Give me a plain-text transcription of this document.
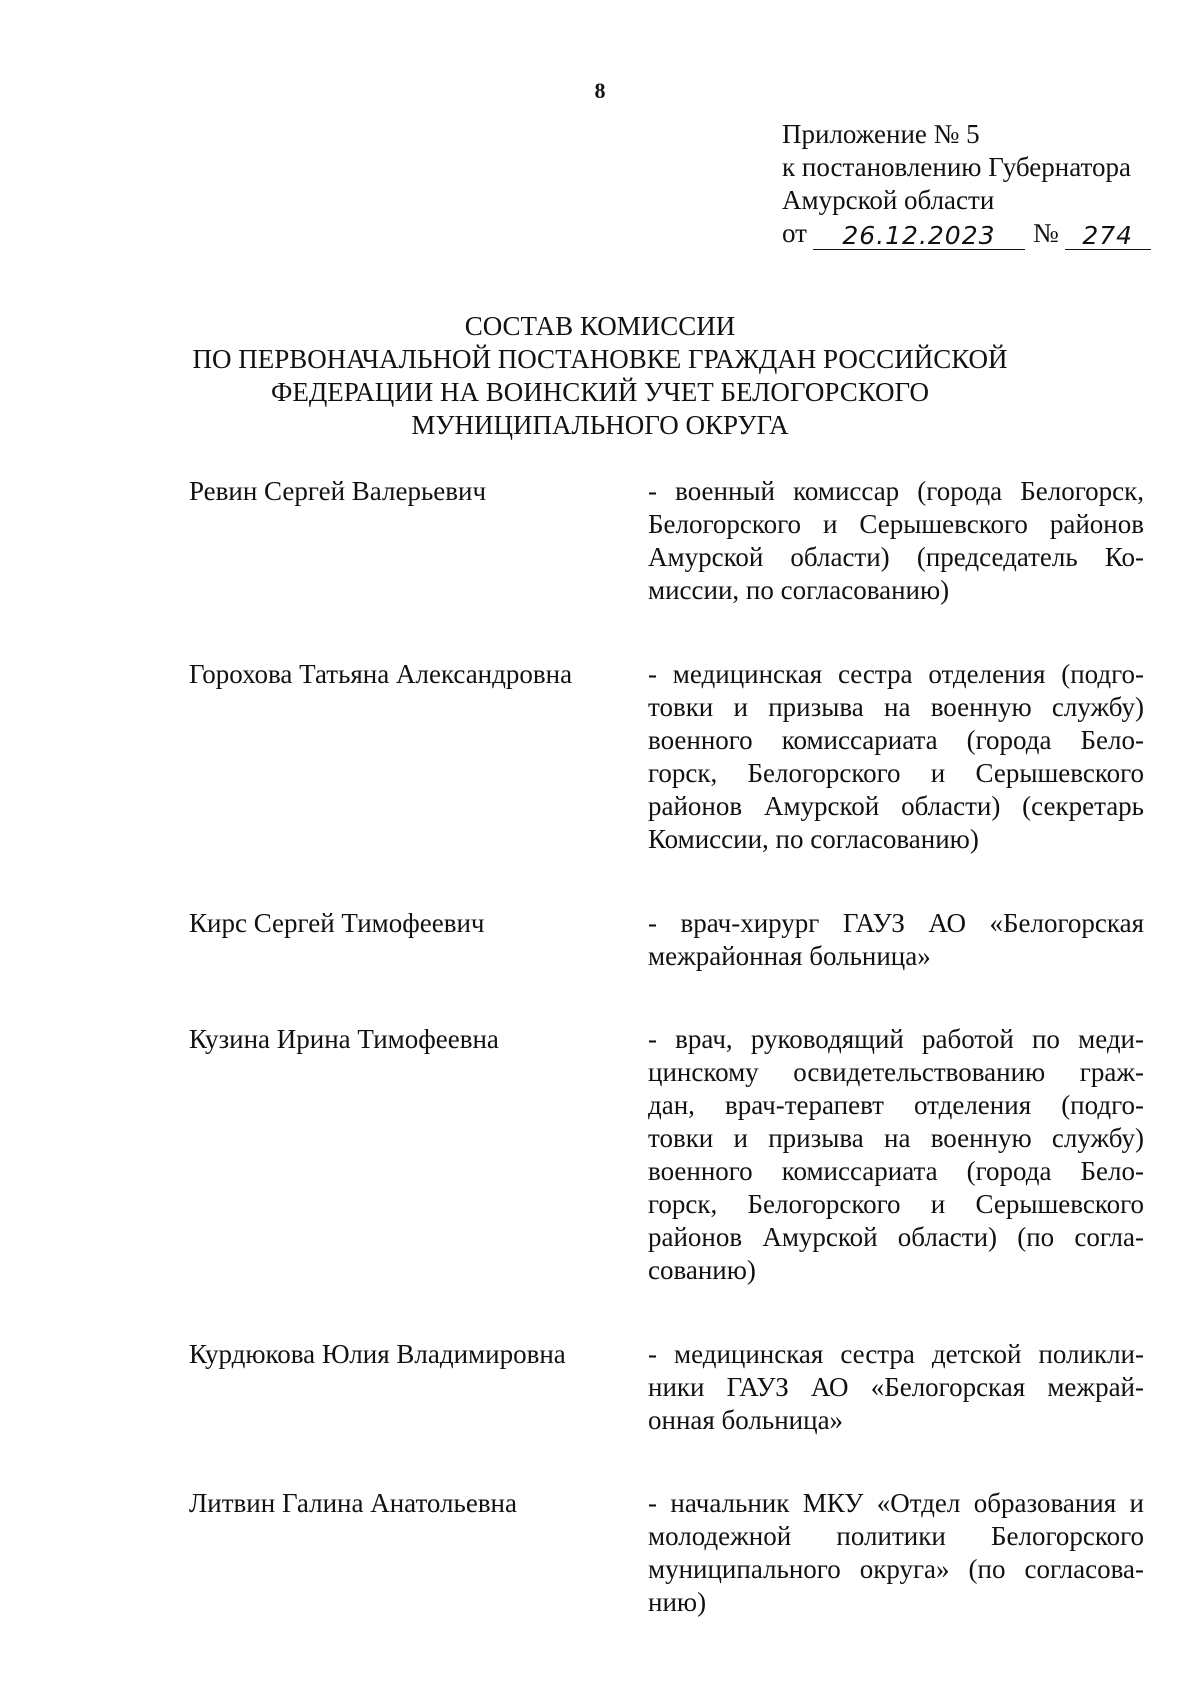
8
Приложение № 5
к постановлению Губернатора
Амурской области
от	26.12.2023	№ 274
СОСТАВ КОМИССИИ
ПО ПЕРВОНАЧАЛЬНОЙ ПОСТАНОВКЕ ГРАЖДАН РОССИЙСКОЙ
ФЕДЕРАЦИИ НА ВОИНСКИЙ УЧЕТ БЕЛОГОРСКОГО
МУНИЦИПАЛЬНОГО ОКРУГА
Ревин Сергей Валерьевич	- военный комиссар (города Белогорск,
Белогорского и Серышевского районов
Амурской области) (председатель Ко-
миссии, по согласованию)
Горохова Татьяна Александровна	- медицинская сестра отделения (подго-
товки и призыва на военную службу)
военного комиссариата (города Бело-
горск, Белогорского и Серышевского
районов Амурской области) (секретарь
Комиссии, по согласованию)
Кирс Сергей Тимофеевич	- врач-хирург ГАУЗ АО «Белогорская
межрайонная больница»
Кузина Ирина Тимофеевна	- врач, руководящий работой по меди-
цинскому освидетельствованию граж-
дан, врач-терапевт отделения (подго-
товки и призыва на военную службу)
военного комиссариата (города Бело-
горск, Белогорского и Серышевского
районов Амурской области) (по согла-
сованию)
Курдюкова Юлия Владимировна	- медицинская сестра детской поликли-
ники ГАУЗ АО «Белогорская межрай-
онная больница»
Литвин Галина Анатольевна	- начальник МКУ «Отдел образования и
молодежной политики Белогорского
муниципального округа» (по согласова-
нию)
